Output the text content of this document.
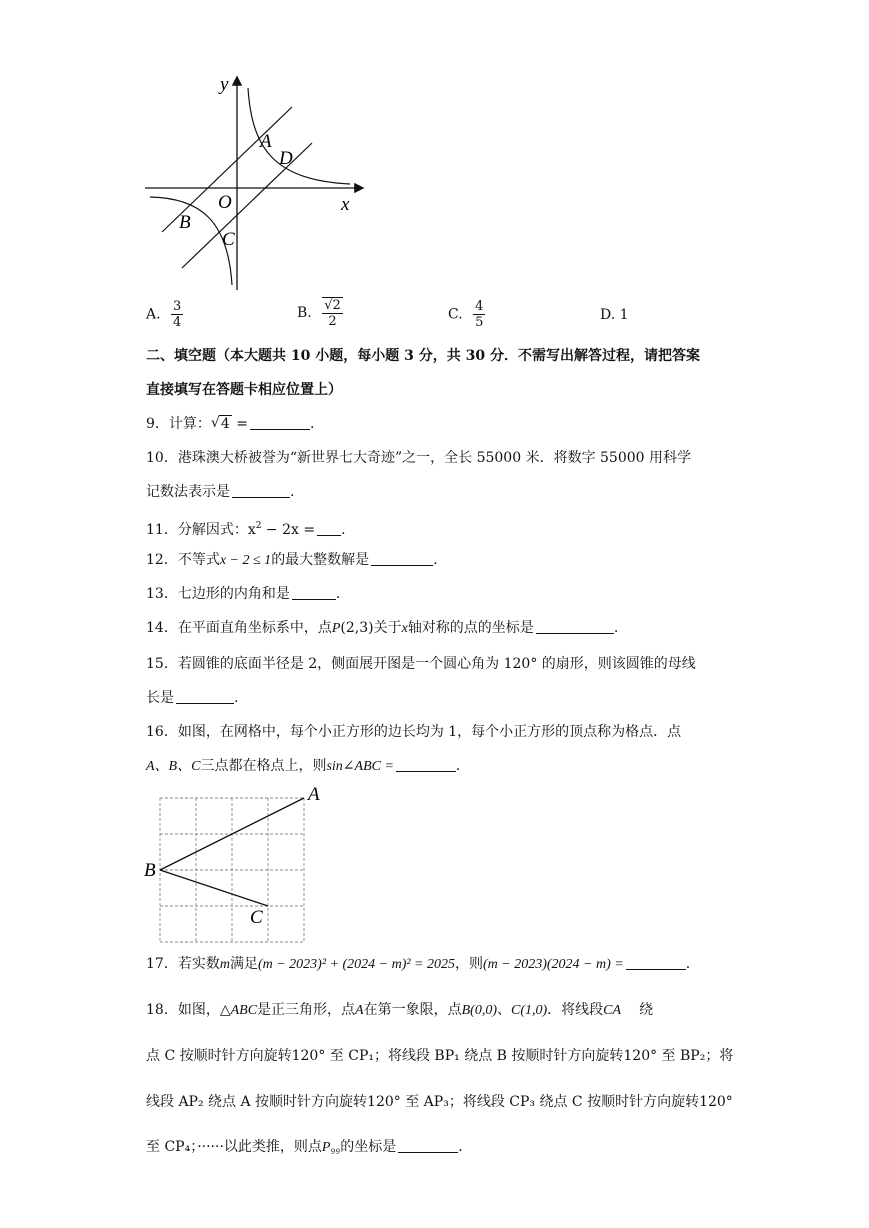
y
A
D
O	x
B
C
A. $\frac{3}{4}$	B. $\frac{√2}{2}$	C. $\frac{4}{5}$	D. 1
二、填空题（本大题共 10 小题，每小题 3 分，共 30 分．不需写出解答过程，请把答案
直接填写在答题卡相应位置上）
9．计算： √ 4 =	.
10．港珠澳大桥被誉为“新世界七大奇迹”之一，全长 55000 米．将数字 55000 用科学
记数法表示是	.
11．分解因式：$x^2 - 2x$ = .
12．不等式x − 2 ≤ 1的最大整数解是	.
13．七边形的内角和是	.
14．在平面直角坐标系中，点P(2,3)关于x轴对称的点的坐标是	.
15．若圆锥的底面半径是 2，侧面展开图是一个圆心角为 120° 的扇形，则该圆锥的母线
长是	.
16．如图，在网格中，每个小正方形的边长均为 1，每个小正方形的顶点称为格点．点
A、B、C三点都在格点上，则sin∠ABC =	.
A
B
C
17．若实数m满足(m − 2023)² + (2024 − m)² = 2025，则(m − 2023)(2024 − m) =	.
18．如图，△ABC是正三角形，点A在第一象限，点B(0,0)、C(1,0)．将线段CA 绕
点 C 按顺时针方向旋转120° 至 CP₁；将线段 BP₁ 绕点 B 按顺时针方向旋转120° 至 BP₂；将
线段 AP₂ 绕点 A 按顺时针方向旋转120° 至 AP₃；将线段 CP₃ 绕点 C 按顺时针方向旋转120°
至 CP₄；······以此类推，则点P₉₉的坐标是	.
